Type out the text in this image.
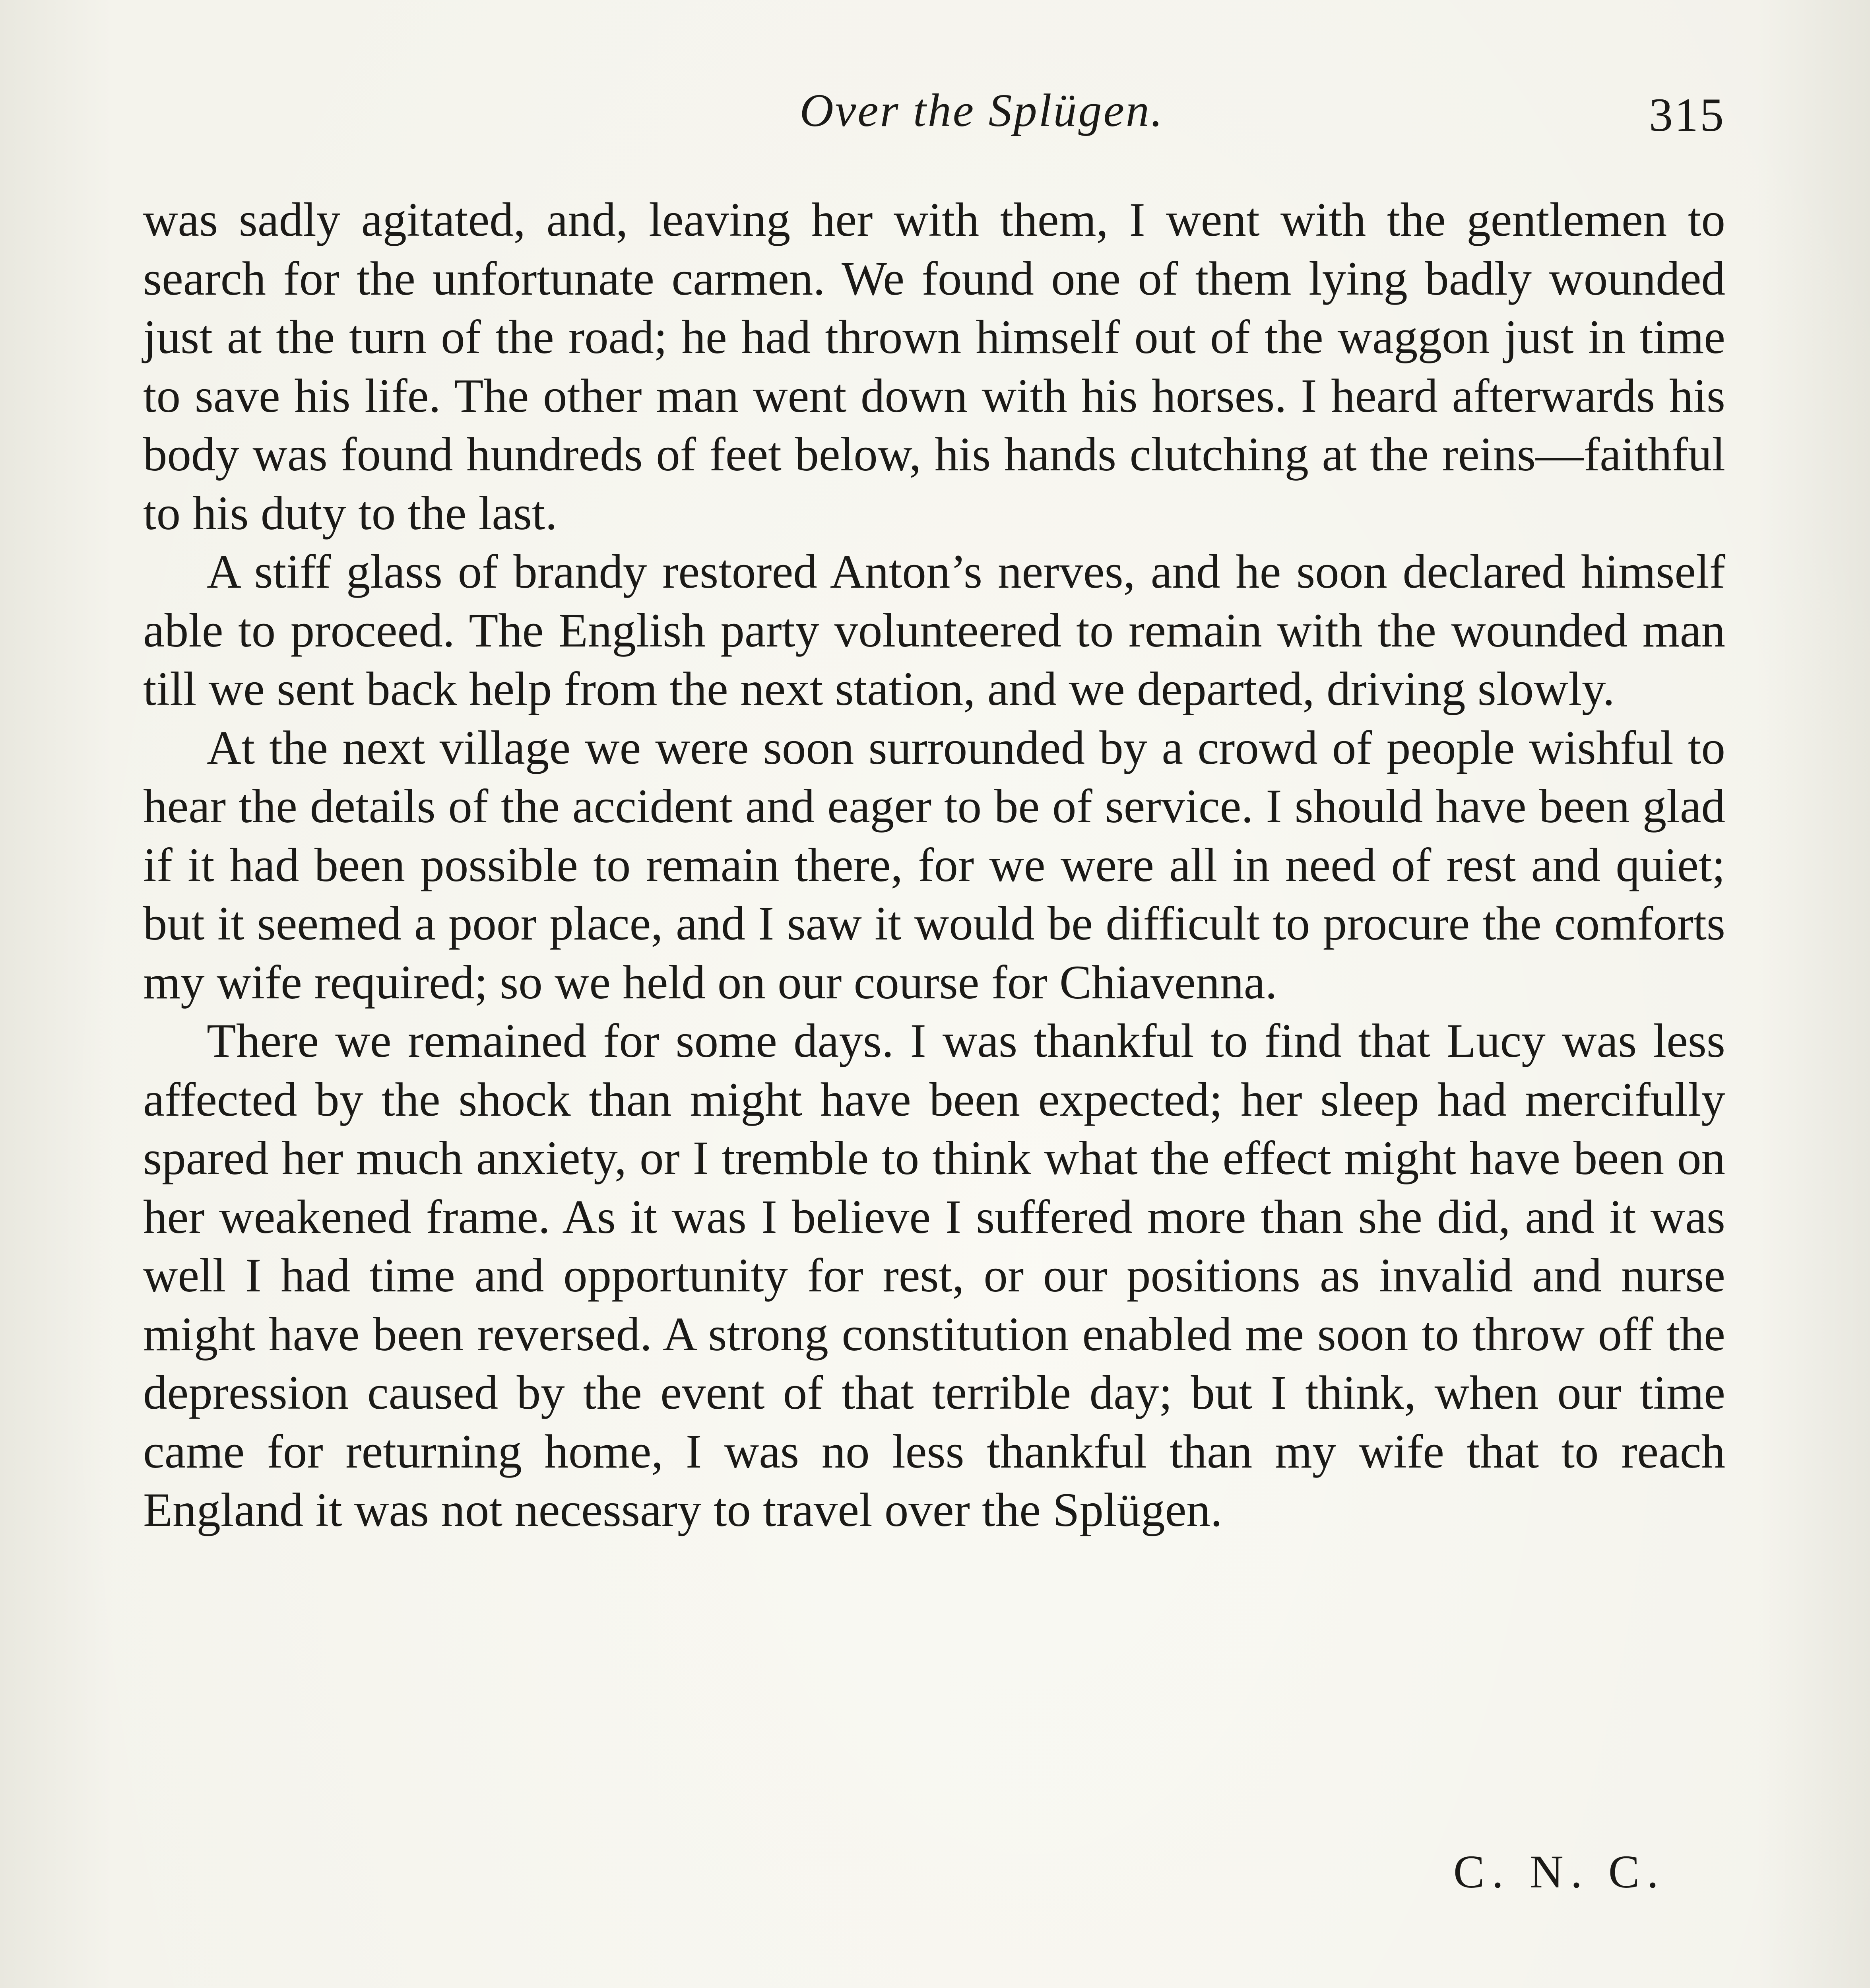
Over the Splügen.	315

was sadly agitated, and, leaving her with them, I went with the gentlemen to search for the unfortunate carmen. We found one of them lying badly wounded just at the turn of the road; he had thrown himself out of the waggon just in time to save his life. The other man went down with his horses. I heard afterwards his body was found hundreds of feet below, his hands clutching at the reins—faithful to his duty to the last.

A stiff glass of brandy restored Anton’s nerves, and he soon declared himself able to proceed. The English party volunteered to remain with the wounded man till we sent back help from the next station, and we departed, driving slowly.

At the next village we were soon surrounded by a crowd of people wishful to hear the details of the accident and eager to be of service. I should have been glad if it had been possible to remain there, for we were all in need of rest and quiet; but it seemed a poor place, and I saw it would be difficult to procure the comforts my wife required; so we held on our course for Chiavenna.

There we remained for some days. I was thankful to find that Lucy was less affected by the shock than might have been expected; her sleep had mercifully spared her much anxiety, or I tremble to think what the effect might have been on her weakened frame. As it was I believe I suffered more than she did, and it was well I had time and opportunity for rest, or our positions as invalid and nurse might have been reversed. A strong constitution enabled me soon to throw off the depression caused by the event of that terrible day; but I think, when our time came for returning home, I was no less thankful than my wife that to reach England it was not necessary to travel over the Splügen.

C. N. C.
